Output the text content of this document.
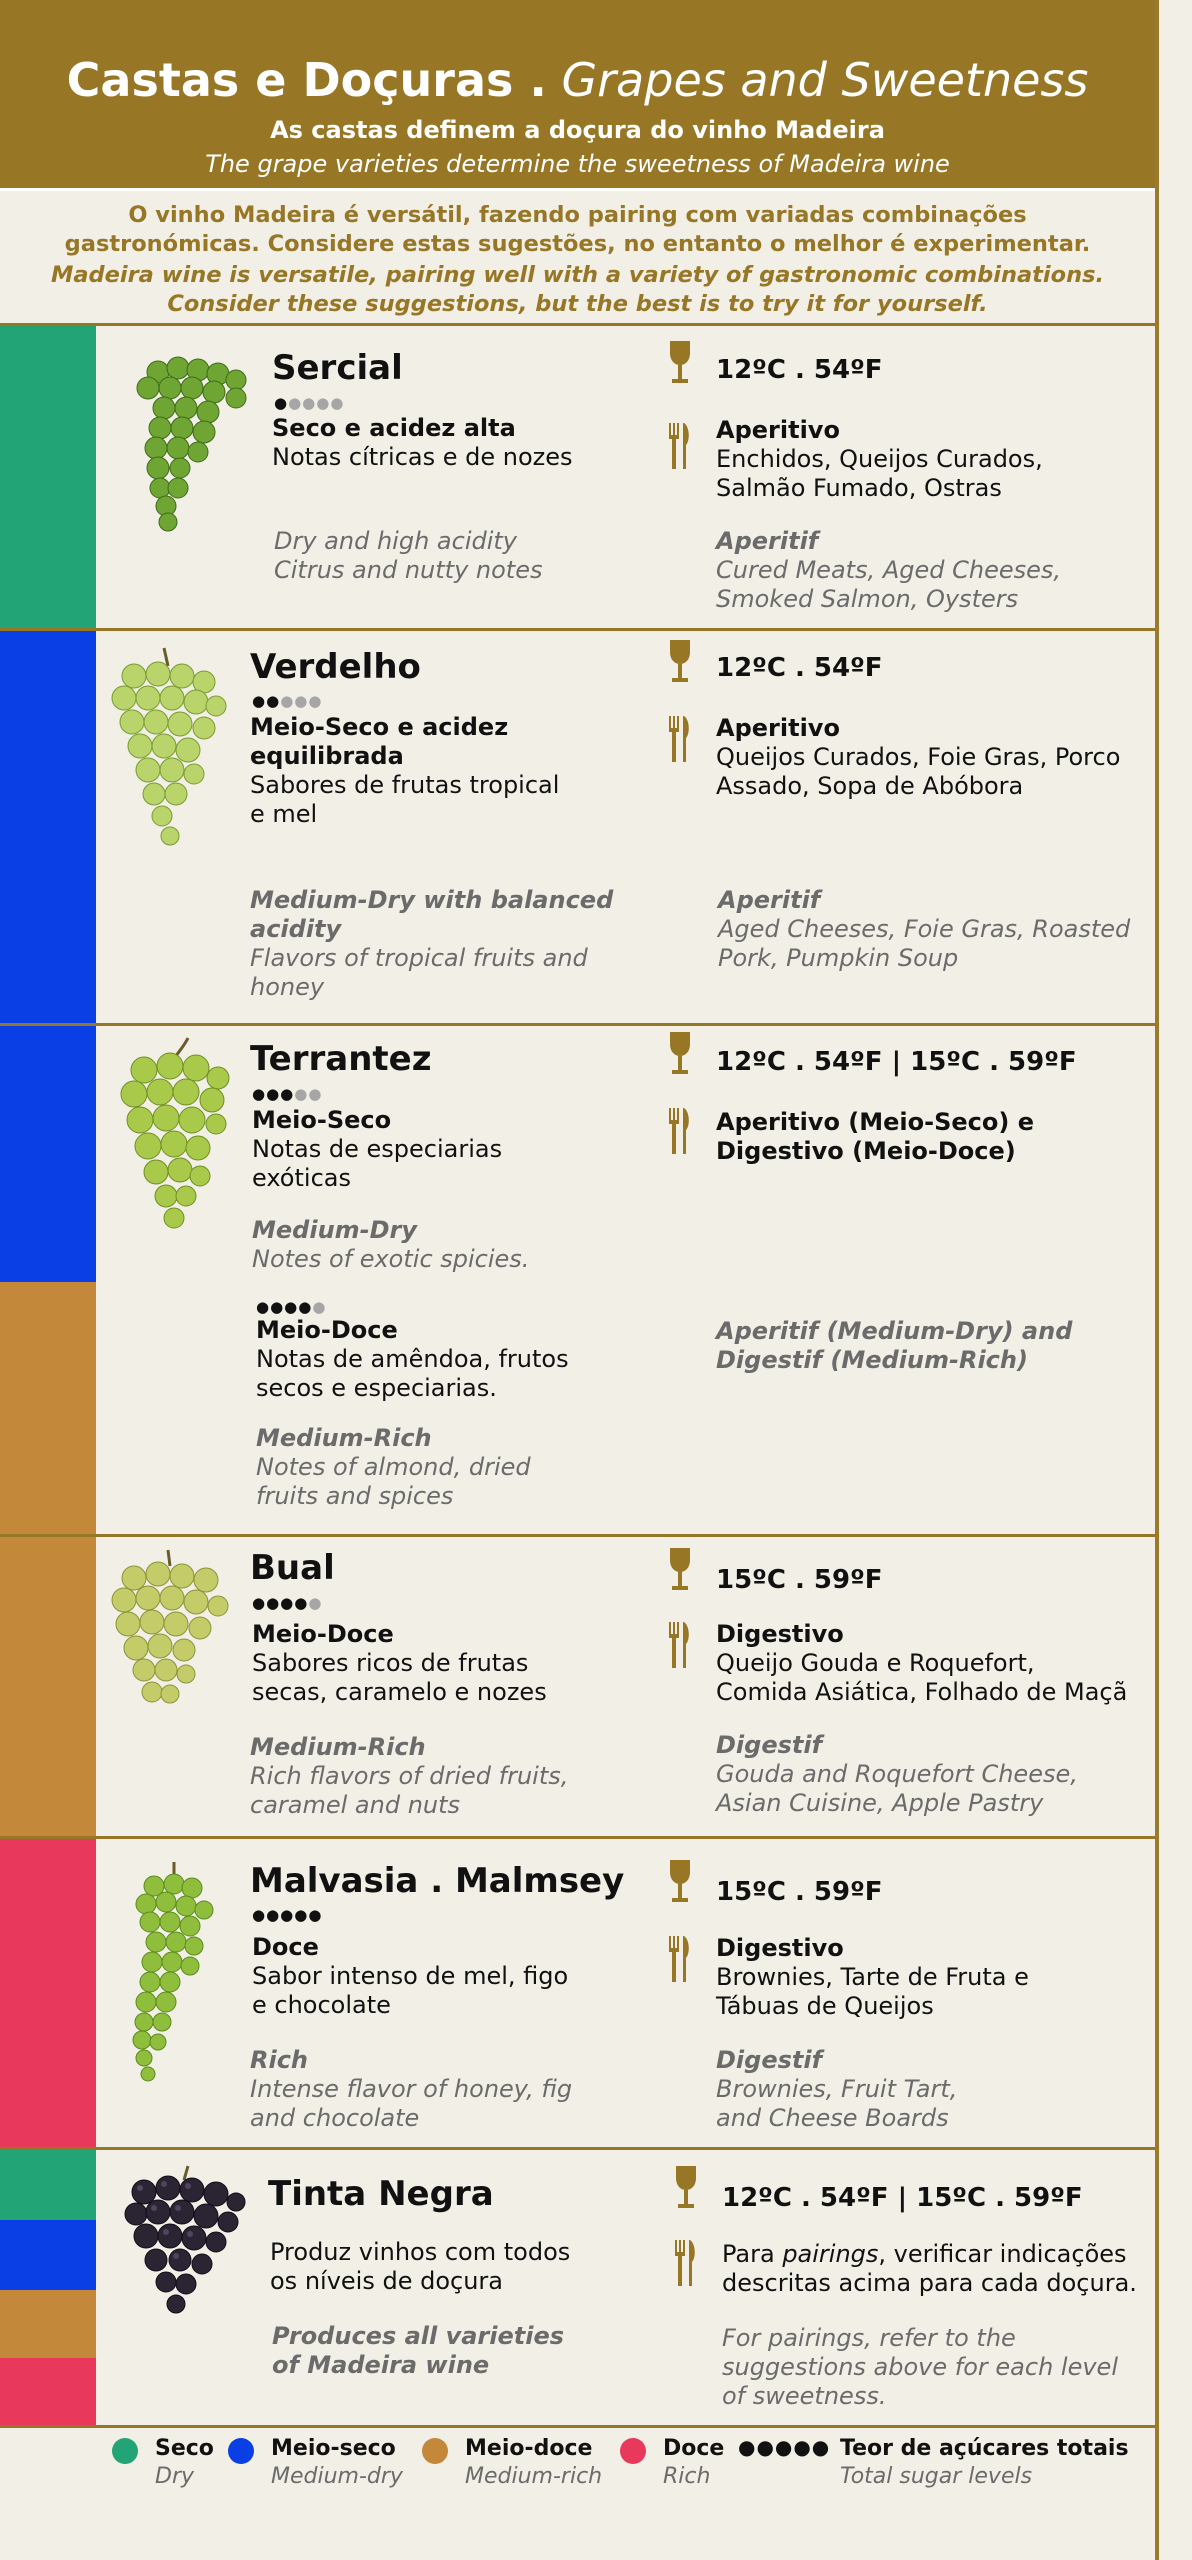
Castas e Doçuras . Grapes and Sweetness
As castas definem a doçura do vinho Madeira
The grape varieties determine the sweetness of Madeira wine
O vinho Madeira é versátil, fazendo pairing com variadas combinações
gastronómicas. Considere estas sugestões, no entanto o melhor é experimentar.
Madeira wine is versatile, pairing well with a variety of gastronomic combinations.
Consider these suggestions, but the best is to try it for yourself.
Sercial
●●●●●
Seco e acidez alta
Notas cítricas e de nozes
Dry and high acidity
Citrus and nutty notes
12ºC . 54ºF
Aperitivo
Enchidos, Queijos Curados,
Salmão Fumado, Ostras
Aperitif
Cured Meats, Aged Cheeses,
Smoked Salmon, Oysters
Verdelho
●●●●●
Meio-Seco e acidez
equilibrada
Sabores de frutas tropical
e mel
Medium-Dry with balanced
acidity
Flavors of tropical fruits and
honey
12ºC . 54ºF
Aperitivo
Queijos Curados, Foie Gras, Porco
Assado, Sopa de Abóbora
Aperitif
Aged Cheeses, Foie Gras, Roasted
Pork, Pumpkin Soup
Terrantez
●●●●●
Meio-Seco
Notas de especiarias
exóticas
Medium-Dry
Notes of exotic spicies.
●●●●●
Meio-Doce
Notas de amêndoa, frutos
secos e especiarias.
Medium-Rich
Notes of almond, dried
fruits and spices
12ºC . 54ºF | 15ºC . 59ºF
Aperitivo (Meio-Seco) e
Digestivo (Meio-Doce)
Aperitif (Medium-Dry) and
Digestif (Medium-Rich)
Bual
●●●●●
Meio-Doce
Sabores ricos de frutas
secas, caramelo e nozes
Medium-Rich
Rich flavors of dried fruits,
caramel and nuts
15ºC . 59ºF
Digestivo
Queijo Gouda e Roquefort,
Comida Asiática, Folhado de Maçã
Digestif
Gouda and Roquefort Cheese,
Asian Cuisine, Apple Pastry
Malvasia . Malmsey
●●●●●
Doce
Sabor intenso de mel, figo
e chocolate
Rich
Intense flavor of honey, fig
and chocolate
15ºC . 59ºF
Digestivo
Brownies, Tarte de Fruta e
Tábuas de Queijos
Digestif
Brownies, Fruit Tart,
and Cheese Boards
Tinta Negra
Produz vinhos com todos
os níveis de doçura
Produces all varieties
of Madeira wine
12ºC . 54ºF | 15ºC . 59ºF
Para pairings, verificar indicações
descritas acima para cada doçura.
For pairings, refer to the
suggestions above for each level
of sweetness.
Seco
Dry
Meio-seco
Medium-dry
Meio-doce
Medium-rich
Doce
Rich
●●●●● Teor de açúcares totais
Total sugar levels
